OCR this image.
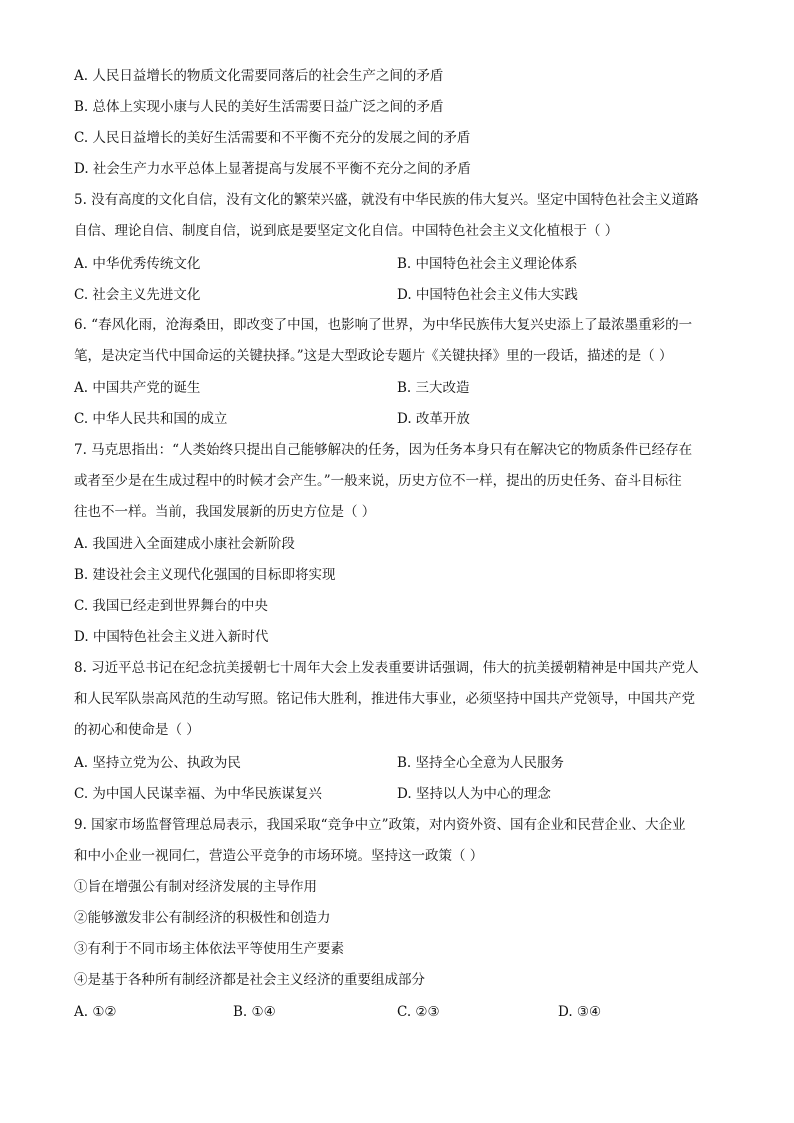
A. 人民日益增长的物质文化需要同落后的社会生产之间的矛盾
B. 总体上实现小康与人民的美好生活需要日益广泛之间的矛盾
C. 人民日益增长的美好生活需要和不平衡不充分的发展之间的矛盾
D. 社会生产力水平总体上显著提高与发展不平衡不充分之间的矛盾
5. 没有高度的文化自信，没有文化的繁荣兴盛，就没有中华民族的伟大复兴。坚定中国特色社会主义道路
自信、理论自信、制度自信，说到底是要坚定文化自信。中国特色社会主义文化植根于（ ）
A. 中华优秀传统文化	B. 中国特色社会主义理论体系
C. 社会主义先进文化	D. 中国特色社会主义伟大实践
6. “春风化雨，沧海桑田，即改变了中国，也影响了世界，为中华民族伟大复兴史添上了最浓墨重彩的一
笔，是决定当代中国命运的关键抉择。”这是大型政论专题片《关键抉择》里的一段话，描述的是（ ）
A. 中国共产党的诞生	B. 三大改造
C. 中华人民共和国的成立	D. 改革开放
7. 马克思指出：“人类始终只提出自己能够解决的任务，因为任务本身只有在解决它的物质条件已经存在
或者至少是在生成过程中的时候才会产生。”一般来说，历史方位不一样，提出的历史任务、奋斗目标往
往也不一样。当前，我国发展新的历史方位是（ ）
A. 我国进入全面建成小康社会新阶段
B. 建设社会主义现代化强国的目标即将实现
C. 我国已经走到世界舞台的中央
D. 中国特色社会主义进入新时代
8. 习近平总书记在纪念抗美援朝七十周年大会上发表重要讲话强调，伟大的抗美援朝精神是中国共产党人
和人民军队崇高风范的生动写照。铭记伟大胜利，推进伟大事业，必须坚持中国共产党领导，中国共产党
的初心和使命是（ ）
A. 坚持立党为公、执政为民	B. 坚持全心全意为人民服务
C. 为中国人民谋幸福、为中华民族谋复兴	D. 坚持以人为中心的理念
9. 国家市场监督管理总局表示，我国采取“竞争中立”政策，对内资外资、国有企业和民营企业、大企业
和中小企业一视同仁，营造公平竞争的市场环境。坚持这一政策（ ）
①旨在增强公有制对经济发展的主导作用
②能够激发非公有制经济的积极性和创造力
③有利于不同市场主体依法平等使用生产要素
④是基于各种所有制经济都是社会主义经济的重要组成部分
A. ①②	B. ①④	C. ②③	D. ③④
